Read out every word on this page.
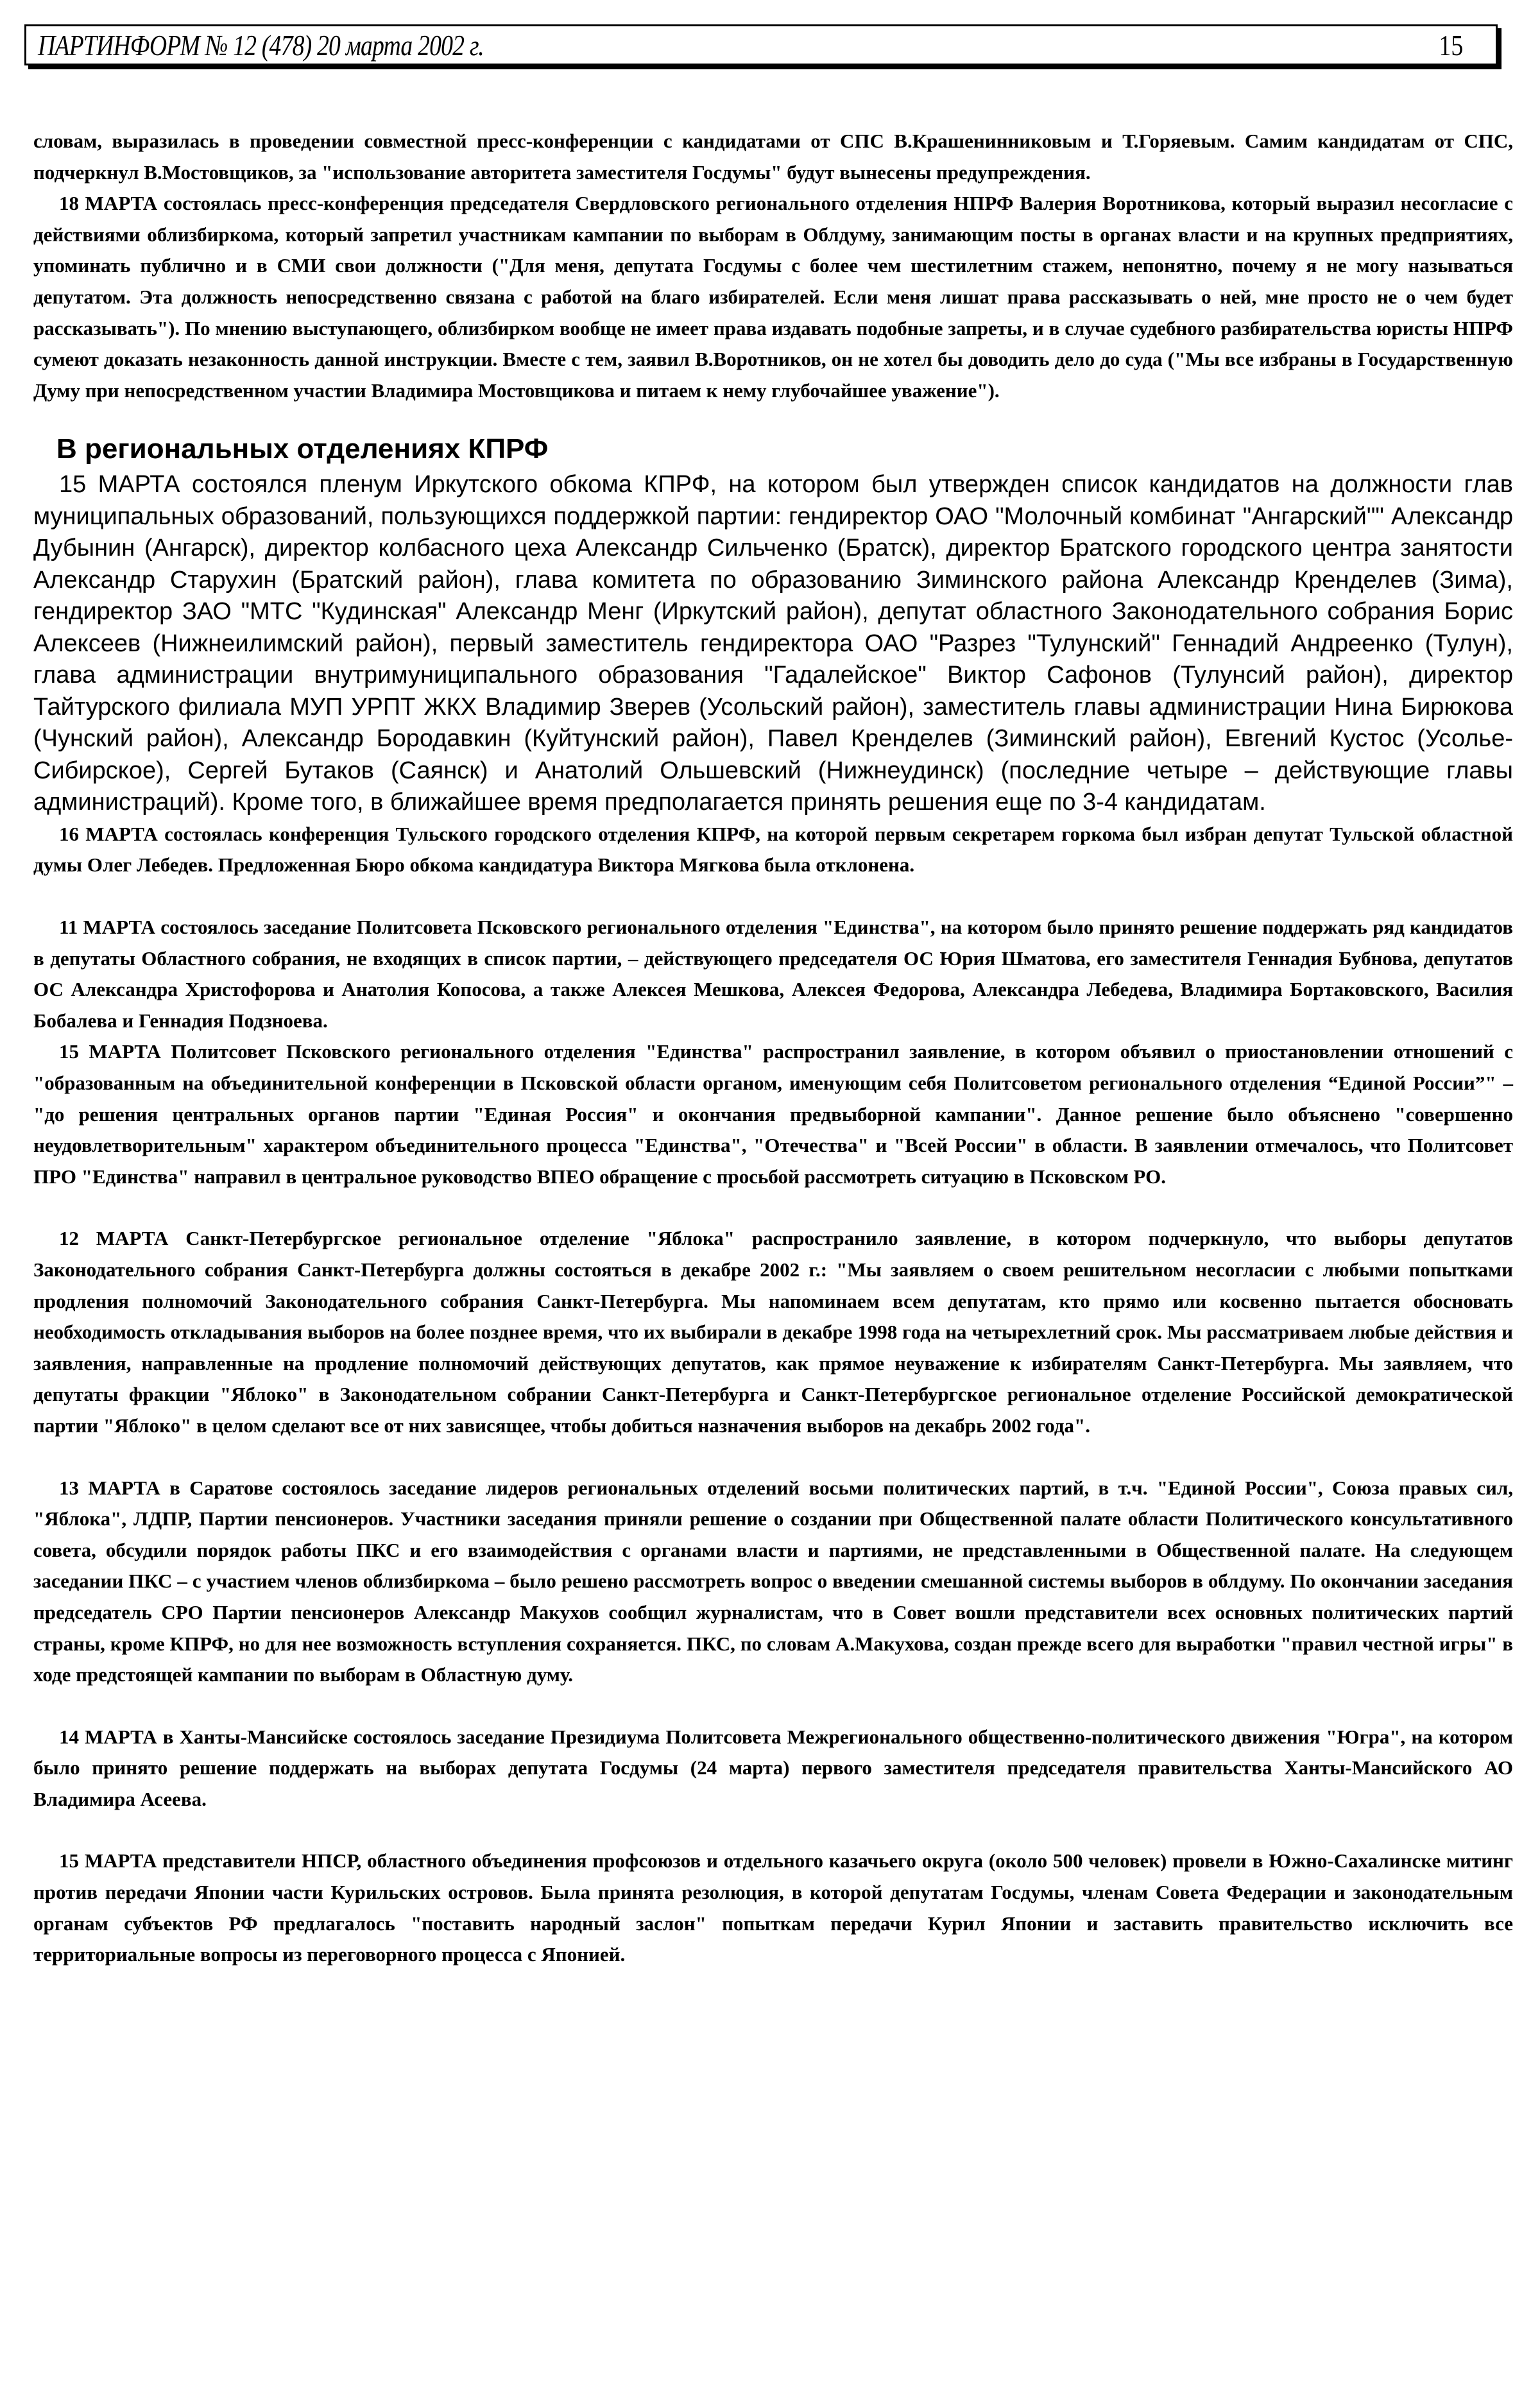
ПАРТИНФОРМ № 12 (478) 20 марта 2002 г.	15

словам, выразилась в проведении совместной пресс-конференции с кандидатами от СПС В.Крашенинниковым и Т.Горяевым. Самим кандидатам от СПС, подчеркнул В.Мостовщиков, за "использование авторитета заместителя Госдумы" будут вынесены предупреждения.

18 МАРТА состоялась пресс-конференция председателя Свердловского регионального отделения НПРФ Валерия Воротникова, который выразил несогласие с действиями облизбиркома, который запретил участникам кампании по выборам в Облдуму, занимающим посты в органах власти и на крупных предприятиях, упоминать публично и в СМИ свои должности ("Для меня, депутата Госдумы с более чем шестилетним стажем, непонятно, почему я не могу называться депутатом. Эта должность непосредственно связана с работой на благо избирателей. Если меня лишат права рассказывать о ней, мне просто не о чем будет рассказывать"). По мнению выступающего, облизбирком вообще не имеет права издавать подобные запреты, и в случае судебного разбирательства юристы НПРФ сумеют доказать незаконность данной инструкции. Вместе с тем, заявил В.Воротников, он не хотел бы доводить дело до суда ("Мы все избраны в Государственную Думу при непосредственном участии Владимира Мостовщикова и питаем к нему глубочайшее уважение").

В региональных отделениях КПРФ

15 МАРТА состоялся пленум Иркутского обкома КПРФ, на котором был утвержден список кандидатов на должности глав муниципальных образований, пользующихся поддержкой партии: гендиректор ОАО "Молочный комбинат "Ангарский"" Александр Дубынин (Ангарск), директор колбасного цеха Александр Сильченко (Братск), директор Братского городского центра занятости Александр Старухин (Братский район), глава комитета по образованию Зиминского района Александр Кренделев (Зима), гендиректор ЗАО "МТС "Кудинская" Александр Менг (Иркутский район), депутат областного Законодательного собрания Борис Алексеев (Нижнеилимский район), первый заместитель гендиректора ОАО "Разрез "Тулунский" Геннадий Андреенко (Тулун), глава администрации внутримуниципального образования "Гадалейское" Виктор Сафонов (Тулунсий район), директор Тайтурского филиала МУП УРПТ ЖКХ Владимир Зверев (Усольский район), заместитель главы администрации Нина Бирюкова (Чунский район), Александр Бородавкин (Куйтунский район), Павел Кренделев (Зиминский район), Евгений Кустос (Усолье-Сибирское), Сергей Бутаков (Саянск) и Анатолий Ольшевский (Нижнеудинск) (последние четыре – действующие главы администраций). Кроме того, в ближайшее время предполагается принять решения еще по 3-4 кандидатам.

16 МАРТА состоялась конференция Тульского городского отделения КПРФ, на которой первым секретарем горкома был избран депутат Тульской областной думы Олег Лебедев. Предложенная Бюро обкома кандидатура Виктора Мягкова была отклонена.

11 МАРТА состоялось заседание Политсовета Псковского регионального отделения "Единства", на котором было принято решение поддержать ряд кандидатов в депутаты Областного собрания, не входящих в список партии, – действующего председателя ОС Юрия Шматова, его заместителя Геннадия Бубнова, депутатов ОС Александра Христофорова и Анатолия Копосова, а также Алексея Мешкова, Алексея Федорова, Александра Лебедева, Владимира Бортаковского, Василия Бобалева и Геннадия Подзноева.

15 МАРТА Политсовет Псковского регионального отделения "Единства" распространил заявление, в котором объявил о приостановлении отношений с "образованным на объединительной конференции в Псковской области органом, именующим себя Политсоветом регионального отделения “Единой России”" – "до решения центральных органов партии "Единая Россия" и окончания предвыборной кампании". Данное решение было объяснено "совершенно неудовлетворительным" характером объединительного процесса "Единства", "Отечества" и "Всей России" в области. В заявлении отмечалось, что Политсовет ПРО "Единства" направил в центральное руководство ВПЕО обращение с просьбой рассмотреть ситуацию в Псковском РО.

12 МАРТА Санкт-Петербургское региональное отделение "Яблока" распространило заявление, в котором подчеркнуло, что выборы депутатов Законодательного собрания Санкт-Петербурга должны состояться в декабре 2002 г.: "Мы заявляем о своем решительном несогласии с любыми попытками продления полномочий Законодательного собрания Санкт-Петербурга. Мы напоминаем всем депутатам, кто прямо или косвенно пытается обосновать необходимость откладывания выборов на более позднее время, что их выбирали в декабре 1998 года на четырехлетний срок. Мы рассматриваем любые действия и заявления, направленные на продление полномочий действующих депутатов, как прямое неуважение к избирателям Санкт-Петербурга. Мы заявляем, что депутаты фракции "Яблоко" в Законодательном собрании Санкт-Петербурга и Санкт-Петербургское региональное отделение Российской демократической партии "Яблоко" в целом сделают все от них зависящее, чтобы добиться назначения выборов на декабрь 2002 года".

13 МАРТА в Саратове состоялось заседание лидеров региональных отделений восьми политических партий, в т.ч. "Единой России", Союза правых сил, "Яблока", ЛДПР, Партии пенсионеров. Участники заседания приняли решение о создании при Общественной палате области Политического консультативного совета, обсудили порядок работы ПКС и его взаимодействия с органами власти и партиями, не представленными в Общественной палате. На следующем заседании ПКС – с участием членов облизбиркома – было решено рассмотреть вопрос о введении смешанной системы выборов в облдуму. По окончании заседания председатель СРО Партии пенсионеров Александр Макухов сообщил журналистам, что в Совет вошли представители всех основных политических партий страны, кроме КПРФ, но для нее возможность вступления сохраняется. ПКС, по словам А.Макухова, создан прежде всего для выработки "правил честной игры" в ходе предстоящей кампании по выборам в Областную думу.

14 МАРТА в Ханты-Мансийске состоялось заседание Президиума Политсовета Межрегионального общественно-политического движения "Югра", на котором было принято решение поддержать на выборах депутата Госдумы (24 марта) первого заместителя председателя правительства Ханты-Мансийского АО Владимира Асеева.

15 МАРТА представители НПСР, областного объединения профсоюзов и отдельного казачьего округа (около 500 человек) провели в Южно-Сахалинске митинг против передачи Японии части Курильских островов. Была принята резолюция, в которой депутатам Госдумы, членам Совета Федерации и законодательным органам субъектов РФ предлагалось "поставить народный заслон" попыткам передачи Курил Японии и заставить правительство исключить все территориальные вопросы из переговорного процесса с Японией.
